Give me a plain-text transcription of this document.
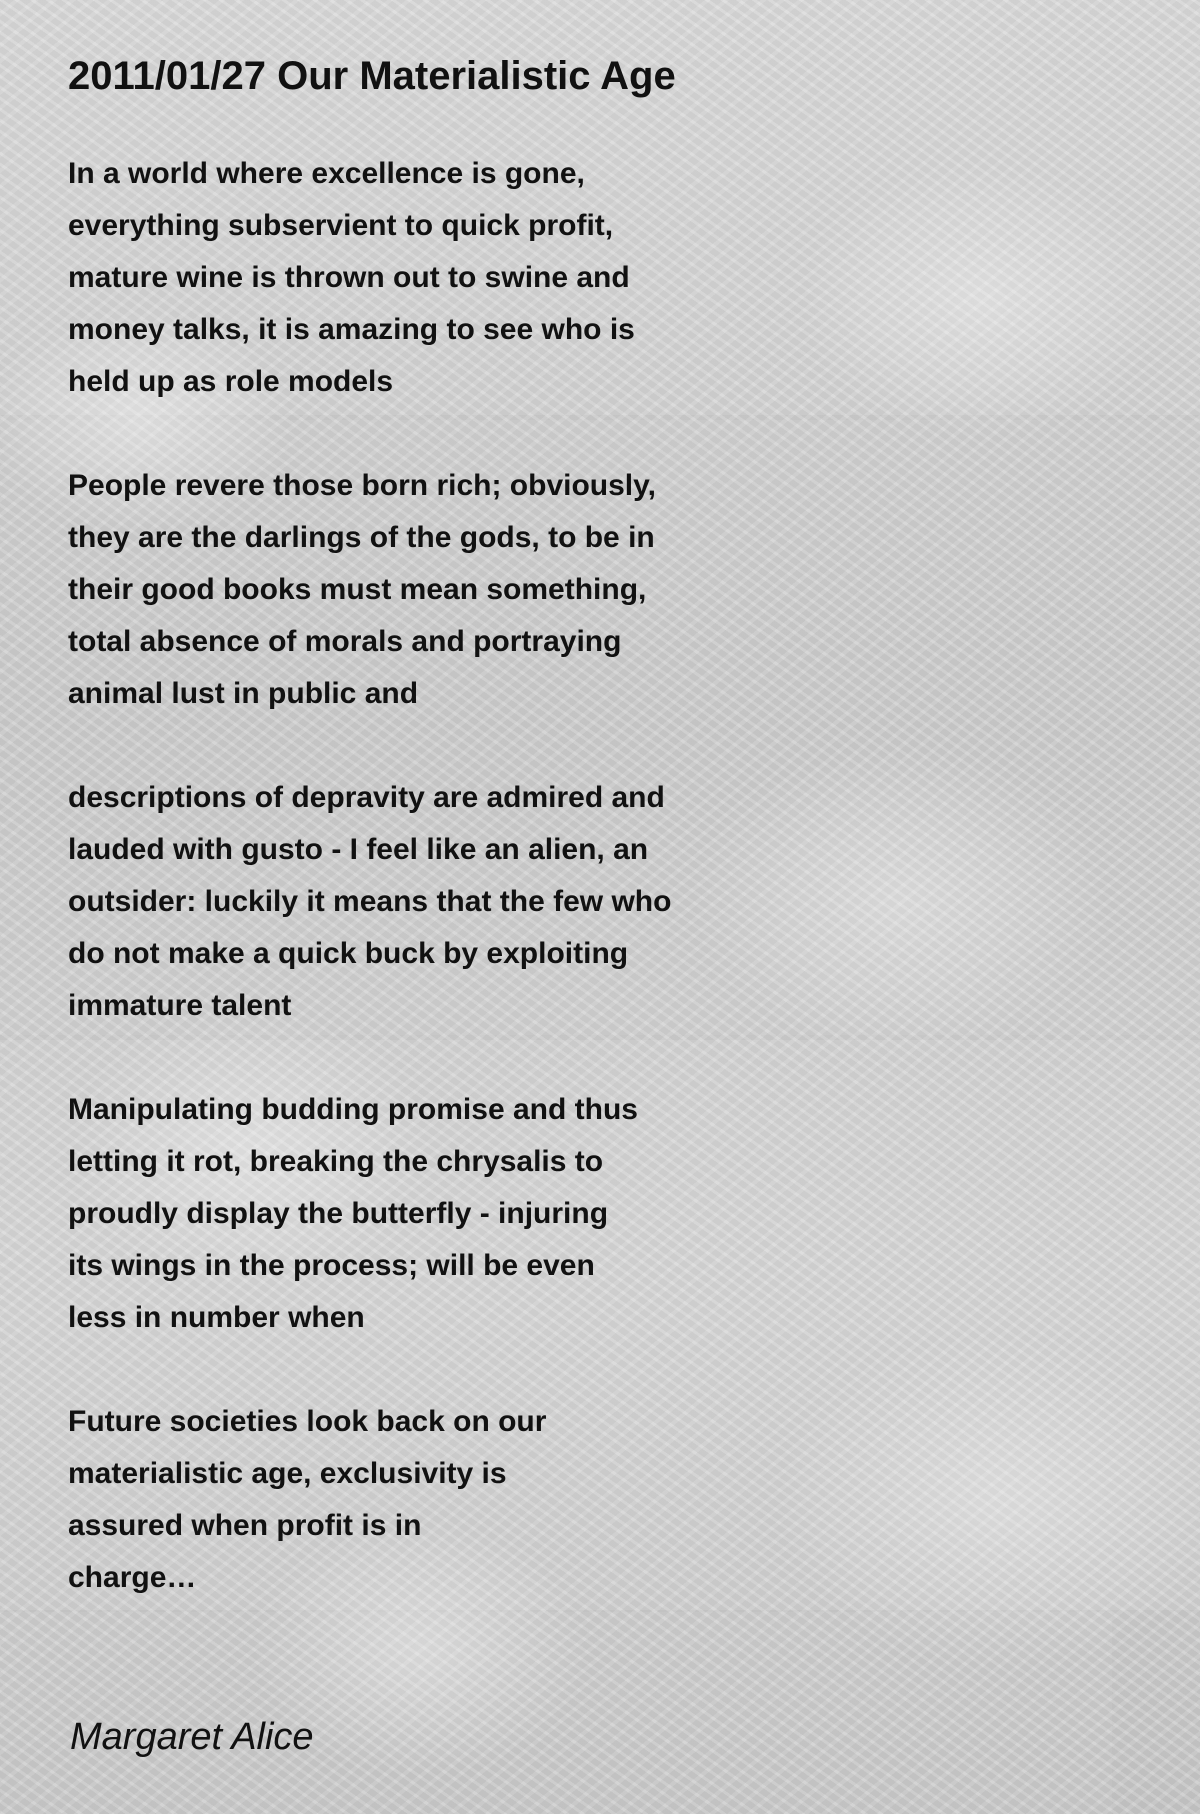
2011/01/27 Our Materialistic Age

In a world where excellence is gone,
everything subservient to quick profit,
mature wine is thrown out to swine and
money talks, it is amazing to see who is
held up as role models

People revere those born rich; obviously,
they are the darlings of the gods, to be in
their good books must mean something,
total absence of morals and portraying
animal lust in public and

descriptions of depravity are admired and
lauded with gusto - I feel like an alien, an
outsider: luckily it means that the few who
do not make a quick buck by exploiting
immature talent

Manipulating budding promise and thus
letting it rot, breaking the chrysalis to
proudly display the butterfly - injuring
its wings in the process; will be even
less in number when

Future societies look back on our
materialistic age, exclusivity is
assured when profit is in
charge…

Margaret Alice
